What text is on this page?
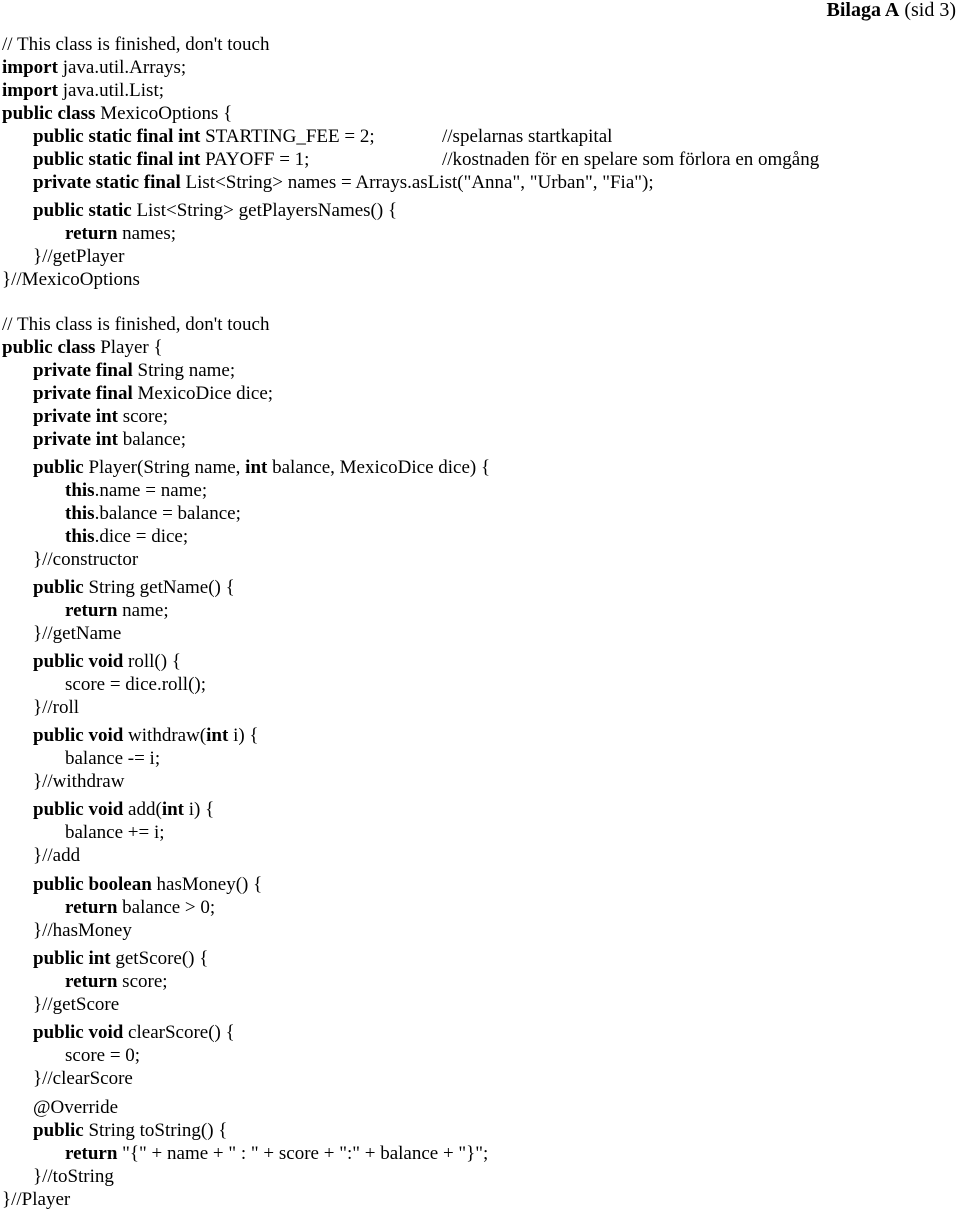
Bilaga A (sid 3)
// This class is finished, don't touch
import java.util.Arrays;
import java.util.List;
public class MexicoOptions {
public static final int STARTING_FEE = 2;	//spelarnas startkapital
public static final int PAYOFF = 1;	//kostnaden för en spelare som förlora en omgång
private static final List<String> names = Arrays.asList("Anna", "Urban", "Fia");
public static List<String> getPlayersNames() {
return names;
}//getPlayer
}//MexicoOptions
// This class is finished, don't touch
public class Player {
private final String name;
private final MexicoDice dice;
private int score;
private int balance;
public Player(String name, int balance, MexicoDice dice) {
this.name = name;
this.balance = balance;
this.dice = dice;
}//constructor
public String getName() {
return name;
}//getName
public void roll() {
score = dice.roll();
}//roll
public void withdraw(int i) {
balance -= i;
}//withdraw
public void add(int i) {
balance += i;
}//add
public boolean hasMoney() {
return balance > 0;
}//hasMoney
public int getScore() {
return score;
}//getScore
public void clearScore() {
score = 0;
}//clearScore
@Override
public String toString() {
return "{" + name + " : " + score + ":" + balance + "}";
}//toString
}//Player
